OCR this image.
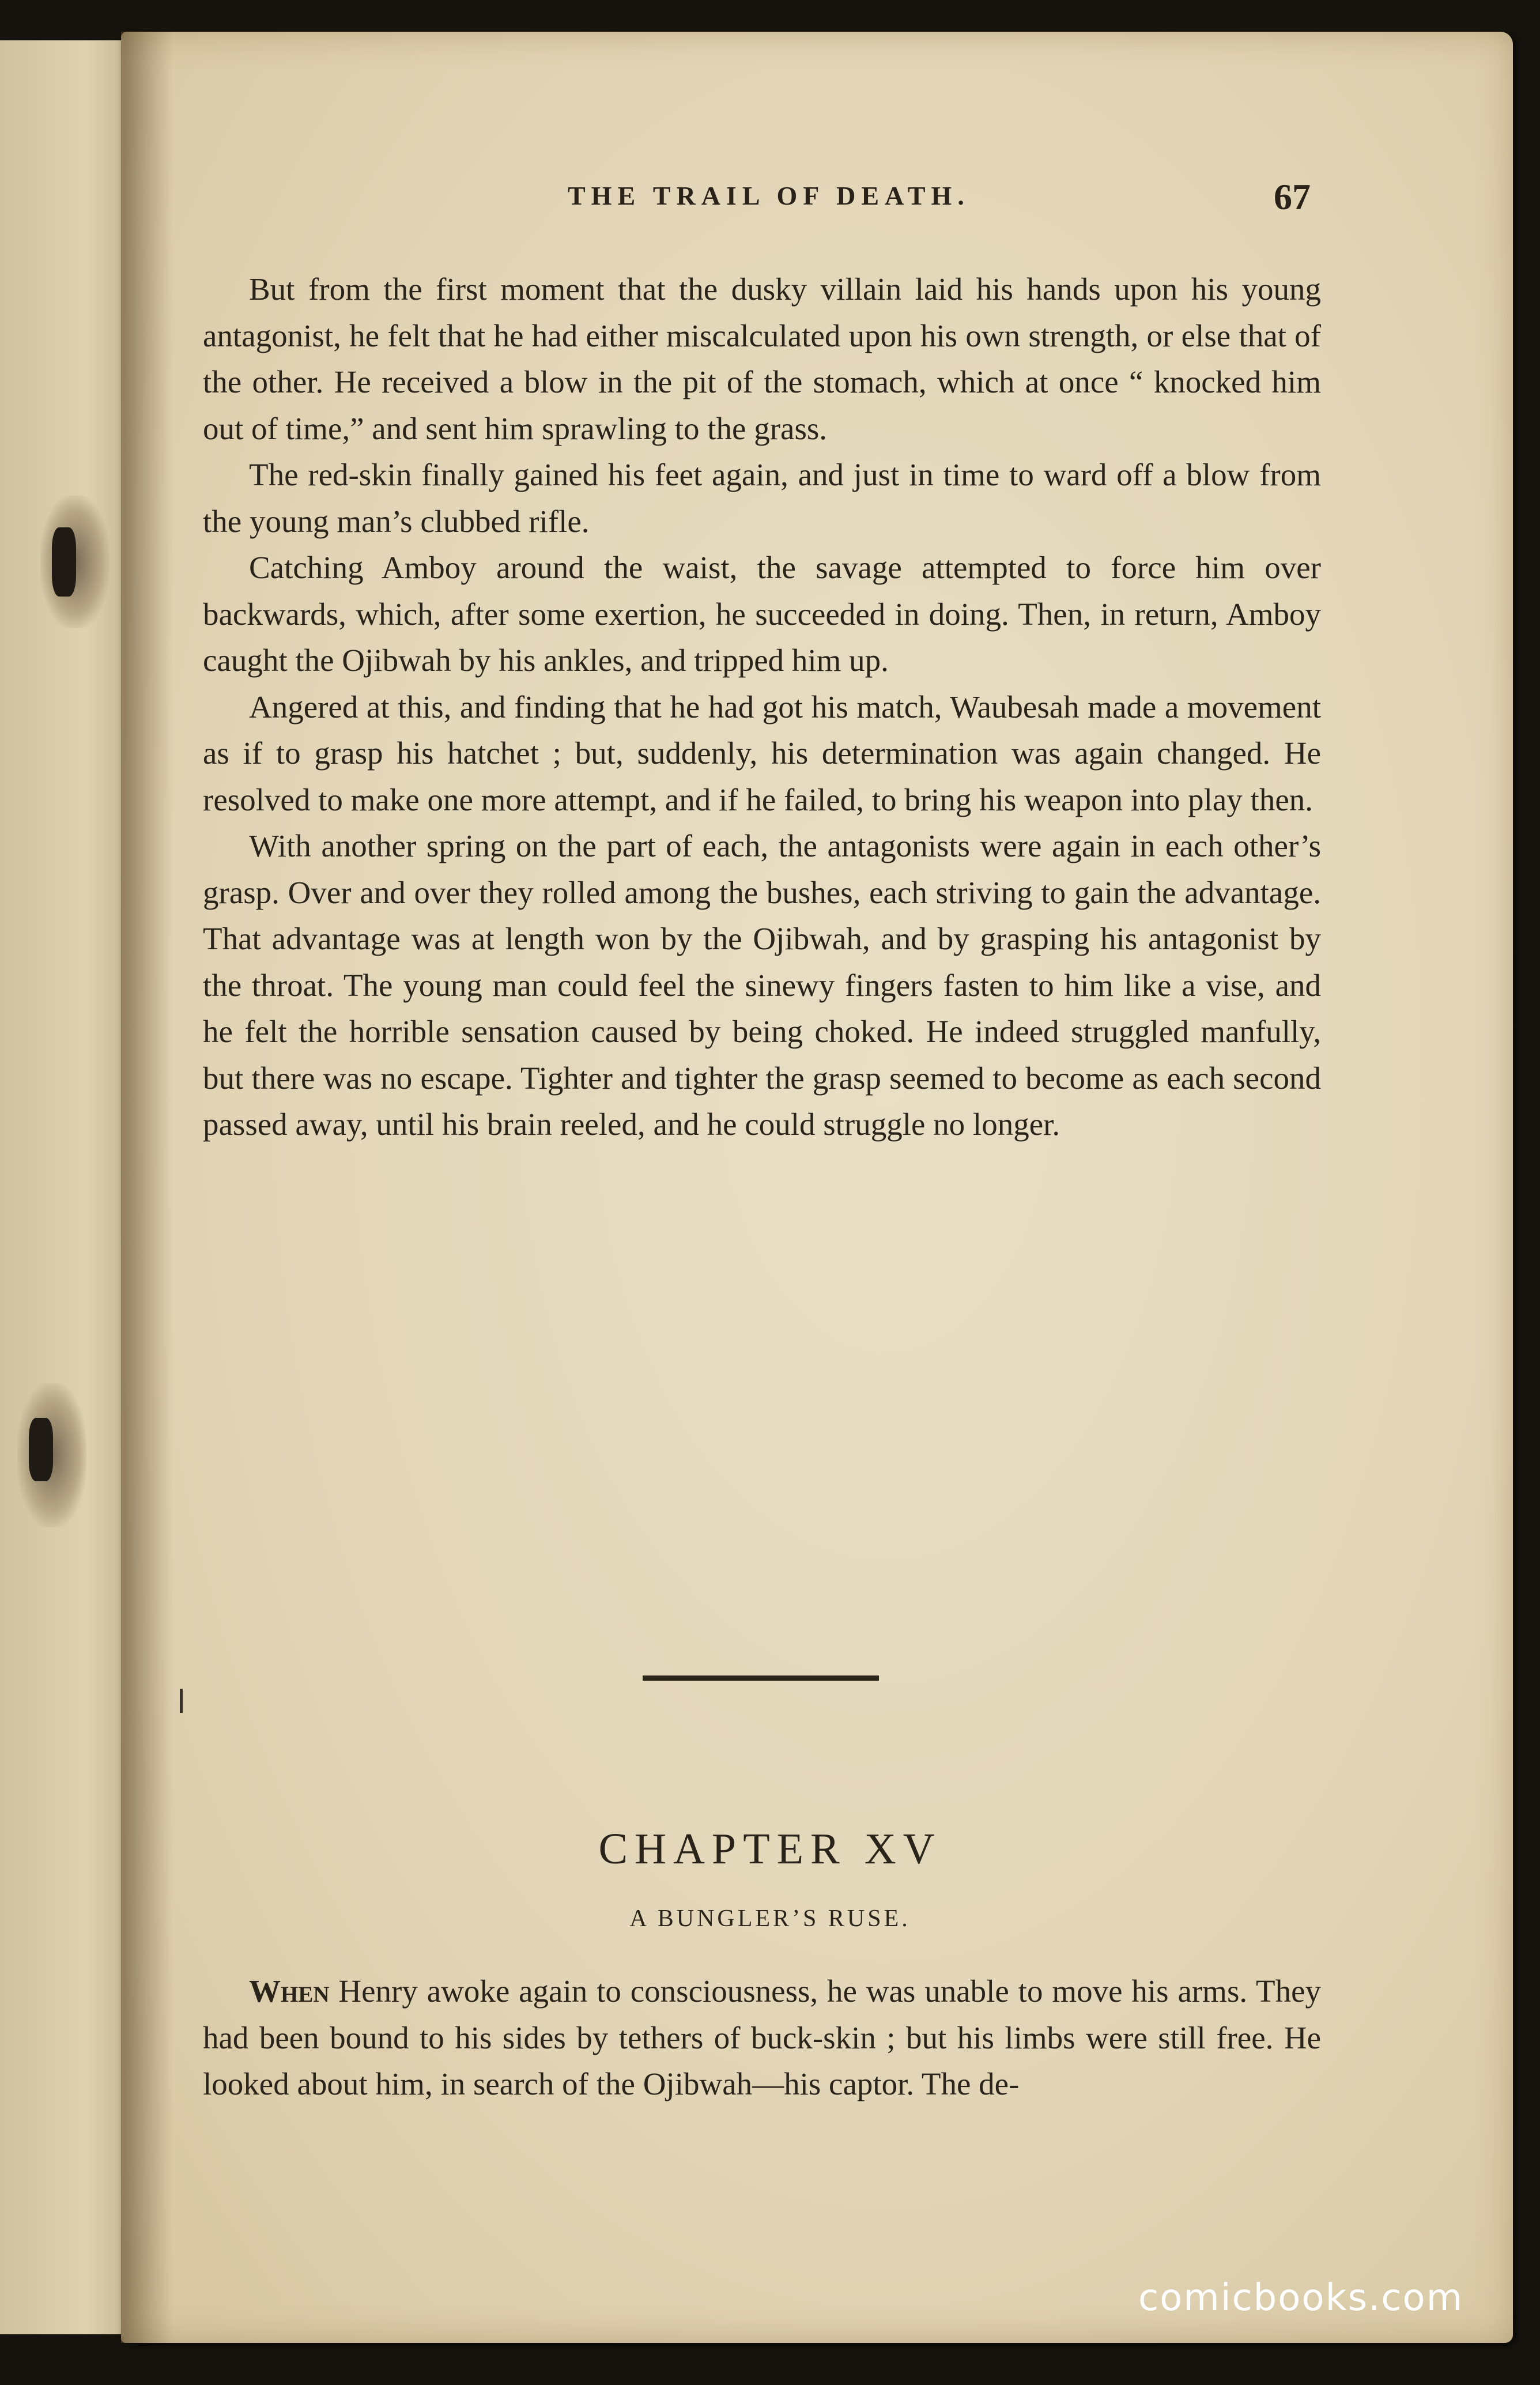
THE TRAIL OF DEATH.	67

But from the first moment that the dusky villain laid his hands upon his young antagonist, he felt that he had either miscalculated upon his own strength, or else that of the other. He received a blow in the pit of the stomach, which at once “ knocked him out of time,” and sent him sprawling to the grass.

The red-skin finally gained his feet again, and just in time to ward off a blow from the young man’s clubbed rifle.

Catching Amboy around the waist, the savage attempted to force him over backwards, which, after some exertion, he succeeded in doing. Then, in return, Amboy caught the Ojibwah by his ankles, and tripped him up.

Angered at this, and finding that he had got his match, Waubesah made a movement as if to grasp his hatchet ; but, suddenly, his determination was again changed. He resolved to make one more attempt, and if he failed, to bring his weapon into play then.

With another spring on the part of each, the antagonists were again in each other’s grasp. Over and over they rolled among the bushes, each striving to gain the advantage. That advantage was at length won by the Ojibwah, and by grasping his antagonist by the throat. The young man could feel the sinewy fingers fasten to him like a vise, and he felt the horrible sensation caused by being choked. He indeed struggled manfully, but there was no escape. Tighter and tighter the grasp seemed to become as each second passed away, until his brain reeled, and he could struggle no longer.

CHAPTER XV
A BUNGLER’S RUSE.

When Henry awoke again to consciousness, he was unable to move his arms. They had been bound to his sides by tethers of buck-skin ; but his limbs were still free. He looked about him, in search of the Ojibwah—his captor. The de-

comicbooks.com
